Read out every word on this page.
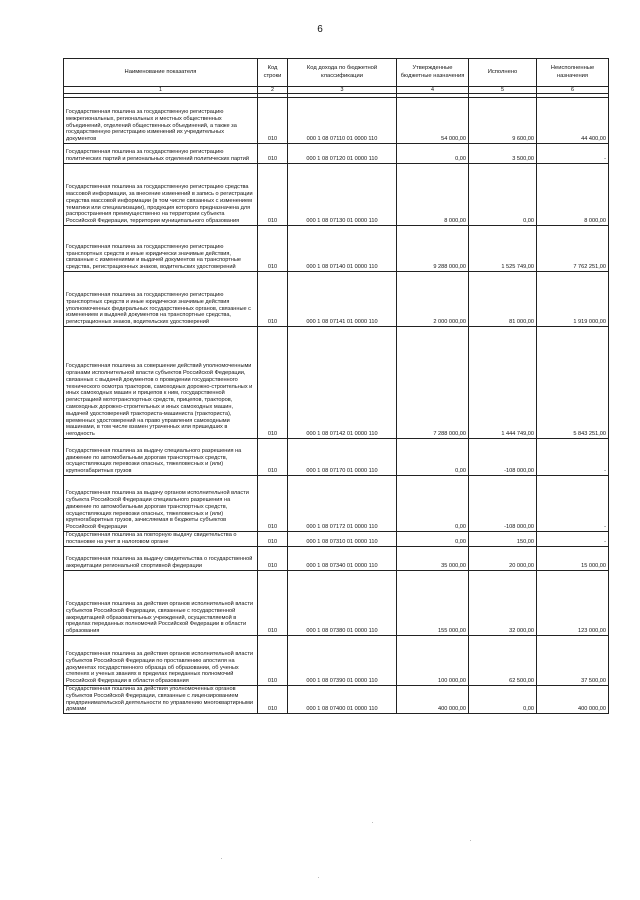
6
Наименование показателя	Код строки	Код дохода по бюджетной классификации	Утвержденные бюджетные назначения	Исполнено	Неисполненные назначения
1	2	3	4	5	6

Государственная пошлина за государственную регистрацию межрегиональных, региональных и местных общественных объединений, отделений общественных объединений, а также за государственную регистрацию изменений их учредительных документов	010	000 1 08 07110 01 0000 110	54 000,00	9 600,00	44 400,00
Государственная пошлина за государственную регистрацию политических партий и региональных отделений политических партий	010	000 1 08 07120 01 0000 110	0,00	3 500,00	-
Государственная пошлина за государственную регистрацию средства массовой информации, за внесение изменений в запись о регистрации средства массовой информации (в том числе связанных с изменением тематики или специализации), продукция которого предназначена для распространения преимущественно на территории субъекта Российской Федерации, территории муниципального образования	010	000 1 08 07130 01 0000 110	8 000,00	0,00	8 000,00
Государственная пошлина за государственную регистрацию транспортных средств и иные юридически значимые действия, связанные с изменениями и выдачей документов на транспортные средства, регистрационных знаков, водительских удостоверений	010	000 1 08 07140 01 0000 110	9 288 000,00	1 525 749,00	7 762 251,00
Государственная пошлина за государственную регистрацию транспортных средств и иные юридически значимые действия уполномоченных федеральных государственных органов, связанные с изменением и выдачей документов на транспортные средства, регистрационных знаков, водительских удостоверений	010	000 1 08 07141 01 0000 110	2 000 000,00	81 000,00	1 919 000,00
Государственная пошлина за совершение действий уполномоченными органами исполнительной власти субъектов Российской Федерации, связанных с выдачей документов о проведении государственного технического осмотра тракторов, самоходных дорожно-строительных и иных самоходных машин и прицепов к ним, государственной регистрацией мототранспортных средств, прицепов, тракторов, самоходных дорожно-строительных и иных самоходных машин, выдачей удостоверений тракториста-машиниста (тракториста), временных удостоверений на право управления самоходными машинами, в том числе взамен утраченных или пришедших в негодность	010	000 1 08 07142 01 0000 110	7 288 000,00	1 444 749,00	5 843 251,00
Государственная пошлина за выдачу специального разрешения на движение по автомобильным дорогам транспортных средств, осуществляющих перевозки опасных, тяжеловесных и (или) крупногабаритных грузов	010	000 1 08 07170 01 0000 110	0,00	-108 000,00	-
Государственная пошлина за выдачу органом исполнительной власти субъекта Российской Федерации специального разрешения на движение по автомобильным дорогам транспортных средств, осуществляющих перевозки опасных, тяжеловесных и (или) крупногабаритных грузов, зачисляемая в бюджеты субъектов Российской Федерации	010	000 1 08 07172 01 0000 110	0,00	-108 000,00	-
Государственная пошлина за повторную выдачу свидетельства о постановке на учет в налоговом органе	010	000 1 08 07310 01 0000 110	0,00	150,00	-
Государственная пошлина за выдачу свидетельства о государственной аккредитации региональной спортивной федерации	010	000 1 08 07340 01 0000 110	35 000,00	20 000,00	15 000,00
Государственная пошлина за действия органов исполнительной власти субъектов Российской Федерации, связанные с государственной аккредитацией образовательных учреждений, осуществляемой в пределах переданных полномочий Российской Федерации в области образования	010	000 1 08 07380 01 0000 110	155 000,00	32 000,00	123 000,00
Государственная пошлина за действия органов исполнительной власти субъектов Российской Федерации по проставлению апостиля на документах государственного образца об образовании, об ученых степенях и ученых званиях в пределах переданных полномочий Российской Федерации в области образования	010	000 1 08 07390 01 0000 110	100 000,00	62 500,00	37 500,00
Государственная пошлина за действия уполномоченных органов субъектов Российской Федерации, связанные с лицензированием предпринимательской деятельности по управлению многоквартирными домами	010	000 1 08 07400 01 0000 110	400 000,00	0,00	400 000,00
